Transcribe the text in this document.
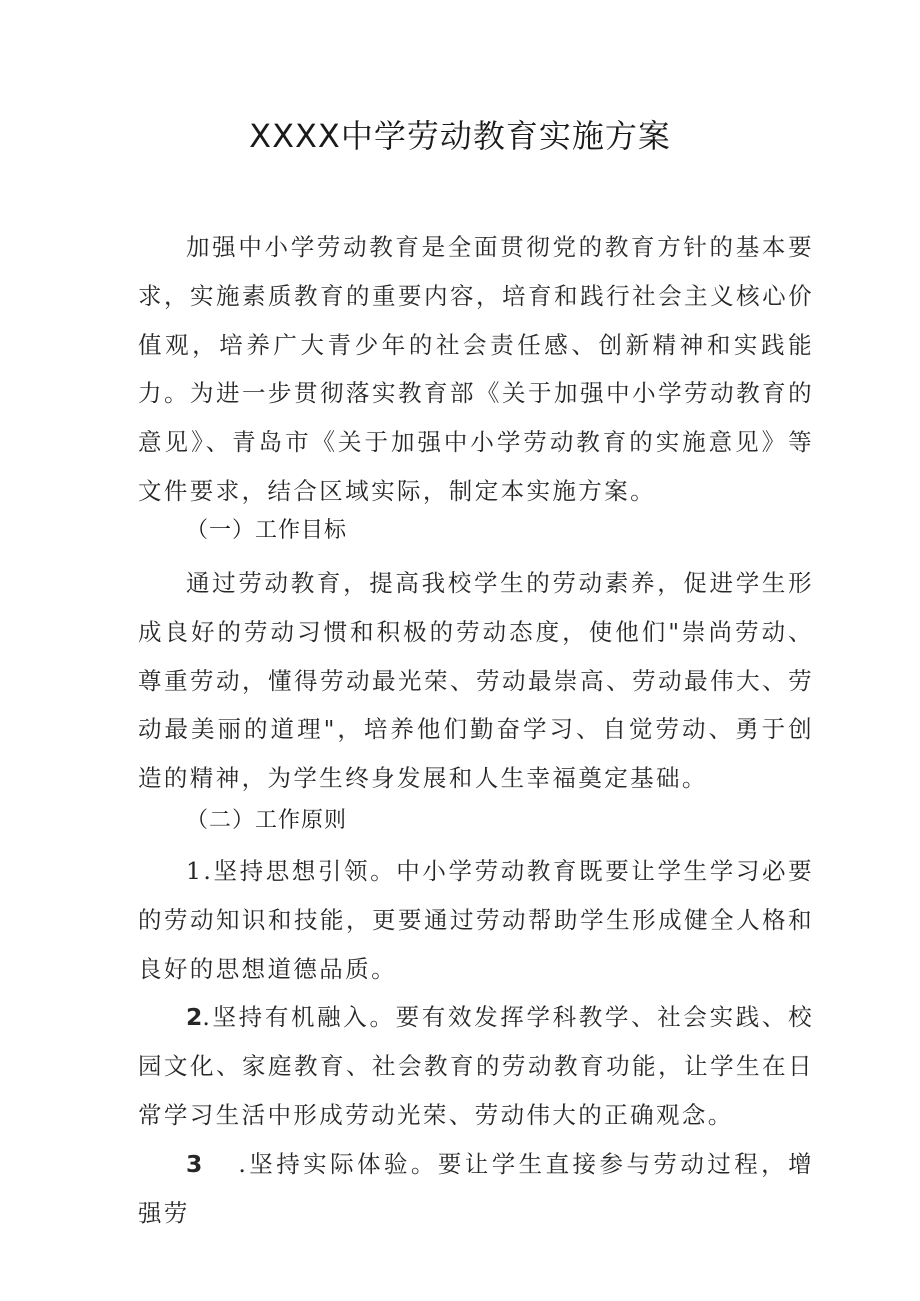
XXXX中学劳动教育实施方案

加强中小学劳动教育是全面贯彻党的教育方针的基本要求，实施素质教育的重要内容，培育和践行社会主义核心价值观，培养广大青少年的社会责任感、创新精神和实践能力。为进一步贯彻落实教育部《关于加强中小学劳动教育的意见》、青岛市《关于加强中小学劳动教育的实施意见》等文件要求，结合区域实际，制定本实施方案。

（一）工作目标

通过劳动教育，提高我校学生的劳动素养，促进学生形成良好的劳动习惯和积极的劳动态度，使他们"崇尚劳动、尊重劳动，懂得劳动最光荣、劳动最崇高、劳动最伟大、劳动最美丽的道理"，培养他们勤奋学习、自觉劳动、勇于创造的精神，为学生终身发展和人生幸福奠定基础。

（二）工作原则

1.坚持思想引领。中小学劳动教育既要让学生学习必要的劳动知识和技能，更要通过劳动帮助学生形成健全人格和良好的思想道德品质。

2.坚持有机融入。要有效发挥学科教学、社会实践、校园文化、家庭教育、社会教育的劳动教育功能，让学生在日常学习生活中形成劳动光荣、劳动伟大的正确观念。

3 .坚持实际体验。要让学生直接参与劳动过程，增强劳
